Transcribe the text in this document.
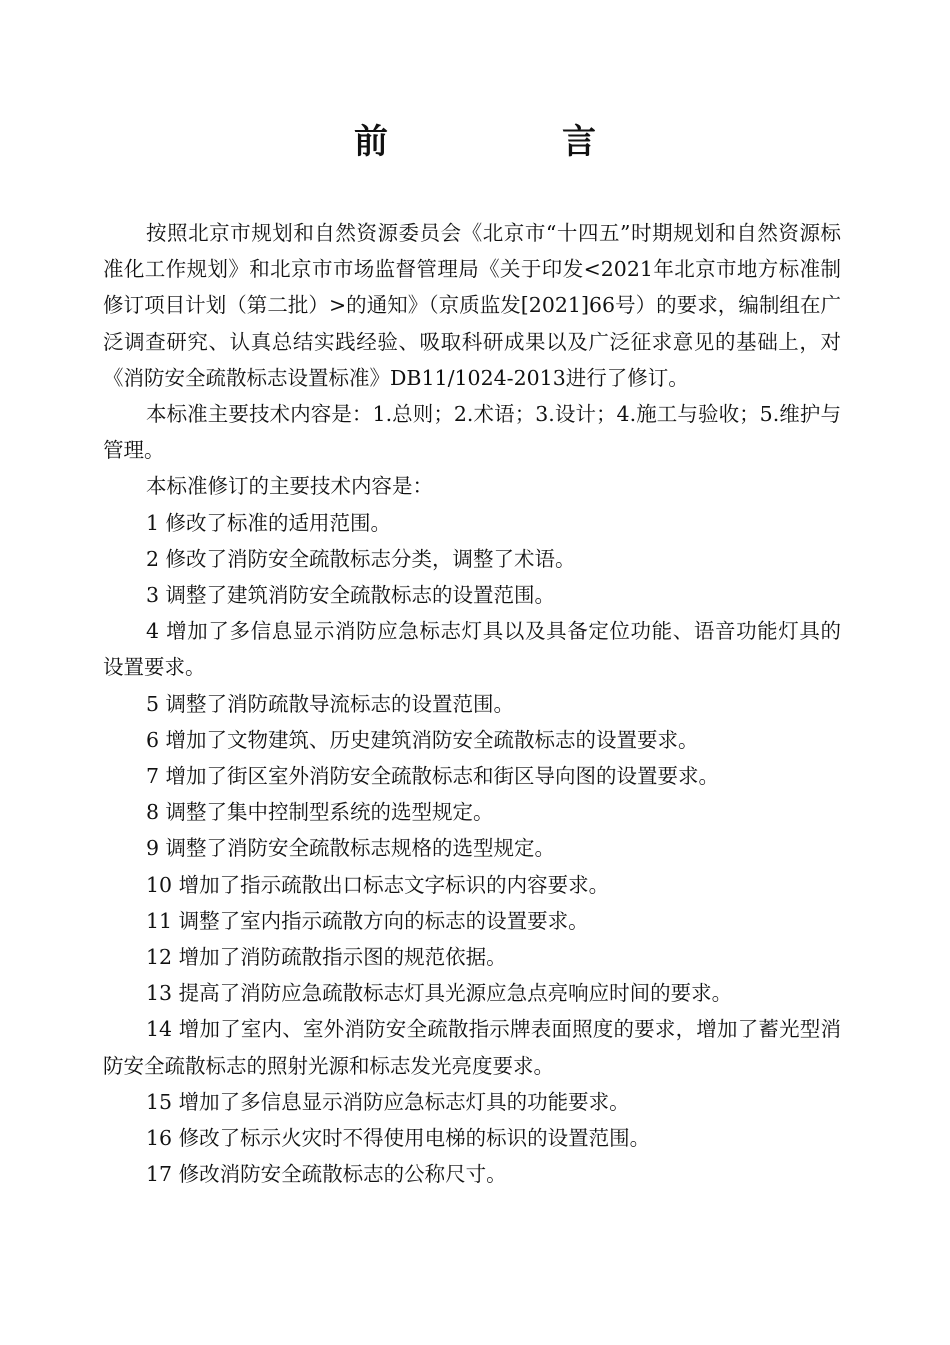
前　言

按照北京市规划和自然资源委员会《北京市“十四五”时期规划和自然资源标准化工作规划》和北京市市场监督管理局《关于印发<2021年北京市地方标准制修订项目计划（第二批）>的通知》（京质监发[2021]66号）的要求，编制组在广泛调查研究、认真总结实践经验、吸取科研成果以及广泛征求意见的基础上，对《消防安全疏散标志设置标准》DB11/1024-2013进行了修订。

本标准主要技术内容是：1.总则；2.术语；3.设计；4.施工与验收；5.维护与管理。

本标准修订的主要技术内容是：

1 修改了标准的适用范围。

2 修改了消防安全疏散标志分类，调整了术语。

3 调整了建筑消防安全疏散标志的设置范围。

4 增加了多信息显示消防应急标志灯具以及具备定位功能、语音功能灯具的设置要求。

5 调整了消防疏散导流标志的设置范围。

6 增加了文物建筑、历史建筑消防安全疏散标志的设置要求。

7 增加了街区室外消防安全疏散标志和街区导向图的设置要求。

8 调整了集中控制型系统的选型规定。

9 调整了消防安全疏散标志规格的选型规定。

10 增加了指示疏散出口标志文字标识的内容要求。

11 调整了室内指示疏散方向的标志的设置要求。

12 增加了消防疏散指示图的规范依据。

13 提高了消防应急疏散标志灯具光源应急点亮响应时间的要求。

14 增加了室内、室外消防安全疏散指示牌表面照度的要求，增加了蓄光型消防安全疏散标志的照射光源和标志发光亮度要求。

15 增加了多信息显示消防应急标志灯具的功能要求。

16 修改了标示火灾时不得使用电梯的标识的设置范围。

17 修改消防安全疏散标志的公称尺寸。
